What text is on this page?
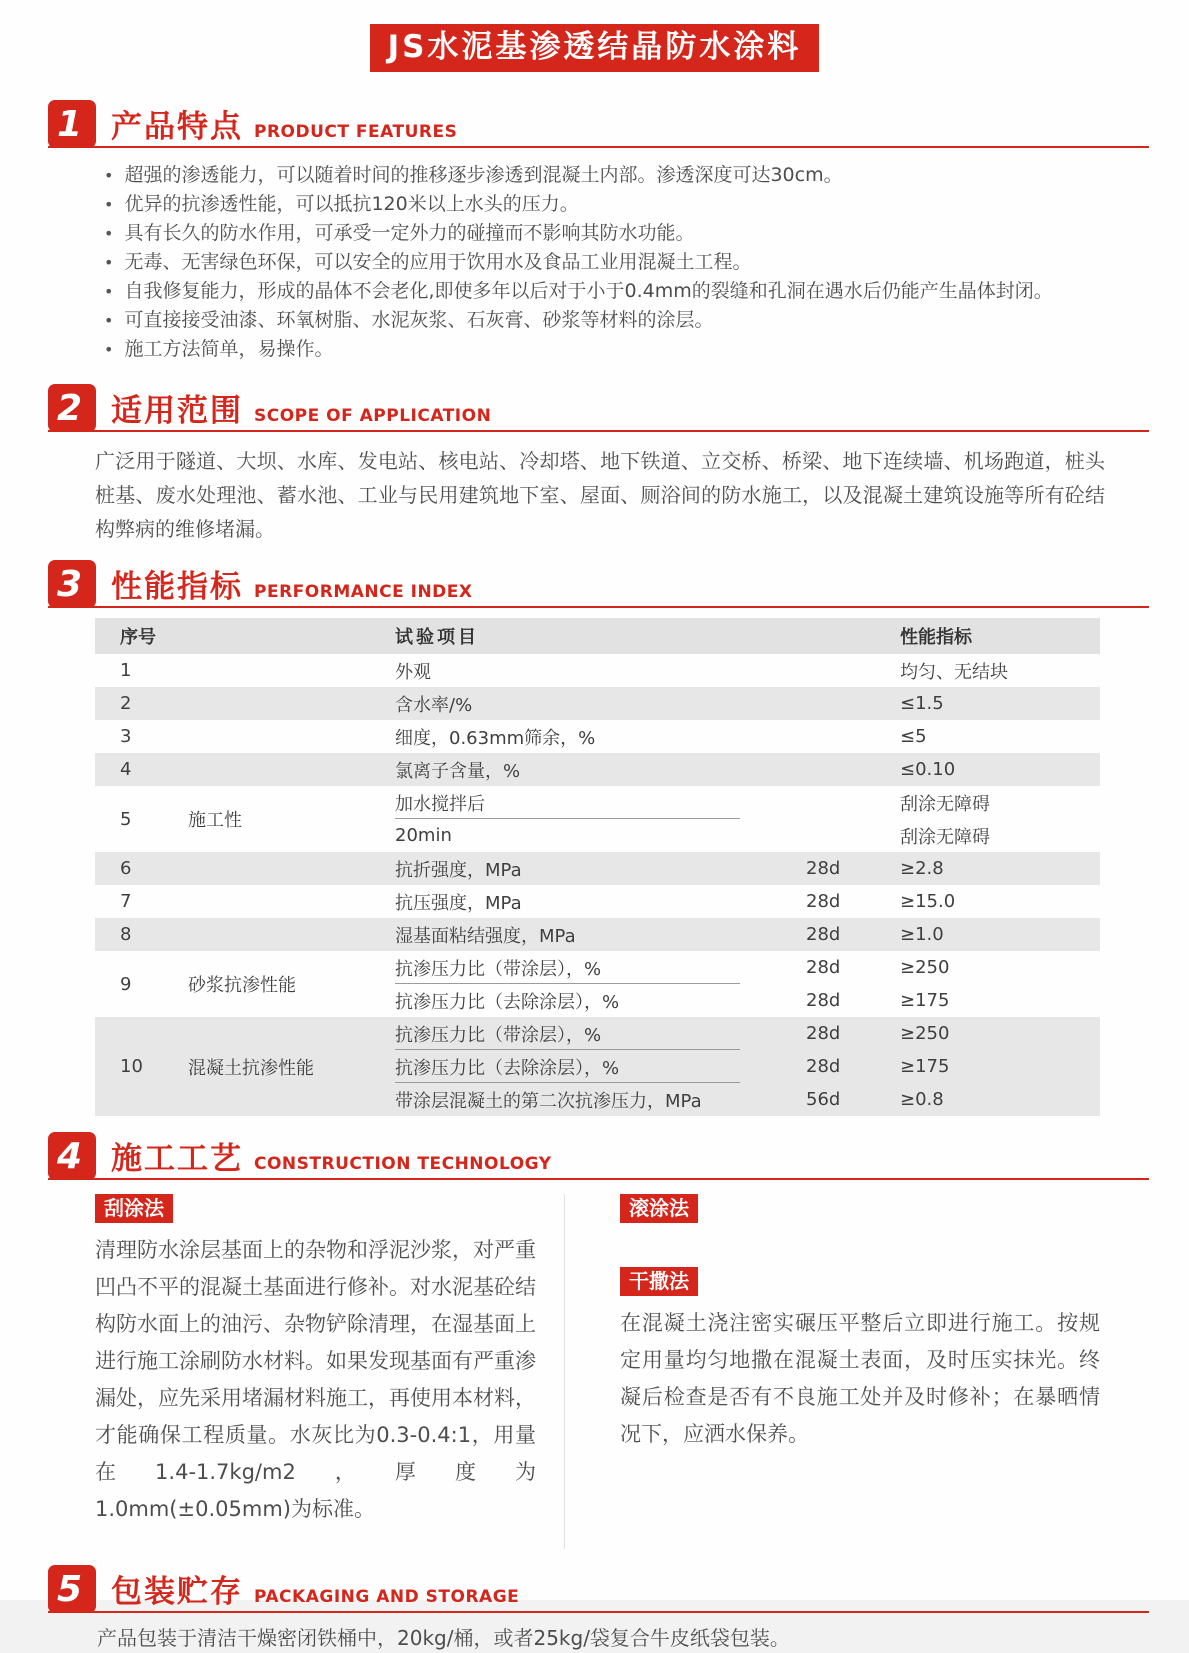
JS水泥基渗透结晶防水涂料
1 产品特点 PRODUCT FEATURES
• 超强的渗透能力，可以随着时间的推移逐步渗透到混凝土内部。渗透深度可达30cm。
• 优异的抗渗透性能，可以抵抗120米以上水头的压力。
• 具有长久的防水作用，可承受一定外力的碰撞而不影响其防水功能。
• 无毒、无害绿色环保，可以安全的应用于饮用水及食品工业用混凝土工程。
• 自我修复能力，形成的晶体不会老化,即使多年以后对于小于0.4mm的裂缝和孔洞在遇水后仍能产生晶体封闭。
• 可直接接受油漆、环氧树脂、水泥灰浆、石灰膏、砂浆等材料的涂层。
• 施工方法简单，易操作。
2 适用范围 SCOPE OF APPLICATION

广泛用于隧道、大坝、水库、发电站、核电站、冷却塔、地下铁道、立交桥、桥梁、地下连续墙、机场跑道，桩头桩基、废水处理池、蓄水池、工业与民用建筑地下室、屋面、厕浴间的防水施工，以及混凝土建筑设施等所有砼结构弊病的维修堵漏。

3 性能指标 PERFORMANCE INDEX
序号	试验项目	性能指标
1	外观	均匀、无结块
2	含水率/%	≤1.5
3	细度，0.63mm筛余，%	≤5
4	氯离子含量，%	≤0.10
5	施工性
加水搅拌后	刮涂无障碍
20min	刮涂无障碍
6	抗折强度，MPa	28d	≥2.8
7	抗压强度，MPa	28d	≥15.0
8	湿基面粘结强度，MPa	28d	≥1.0
9	砂浆抗渗性能
抗渗压力比（带涂层），%	28d	≥250
抗渗压力比（去除涂层），%	28d	≥175
10	混凝土抗渗性能
抗渗压力比（带涂层），%	28d	≥250
抗渗压力比（去除涂层），%	28d	≥175
带涂层混凝土的第二次抗渗压力，MPa	56d	≥0.8
4 施工工艺 CONSTRUCTION TECHNOLOGY
刮涂法

清理防水涂层基面上的杂物和浮泥沙浆，对严重凹凸不平的混凝土基面进行修补。对水泥基砼结构防水面上的油污、杂物铲除清理，在湿基面上进行施工涂刷防水材料。如果发现基面有严重渗漏处，应先采用堵漏材料施工，再使用本材料，才能确保工程质量。水灰比为0.3-0.4:1，用量在1.4-1.7kg/m2，厚度为1.0mm(±0.05mm)为标准。

滚涂法
干撒法

在混凝土浇注密实碾压平整后立即进行施工。按规定用量均匀地撒在混凝土表面，及时压实抹光。终凝后检查是否有不良施工处并及时修补；在暴晒情况下，应洒水保养。

5 包装贮存 PACKAGING AND STORAGE

产品包装于清洁干燥密闭铁桶中，20kg/桶，或者25kg/袋复合牛皮纸袋包装。
